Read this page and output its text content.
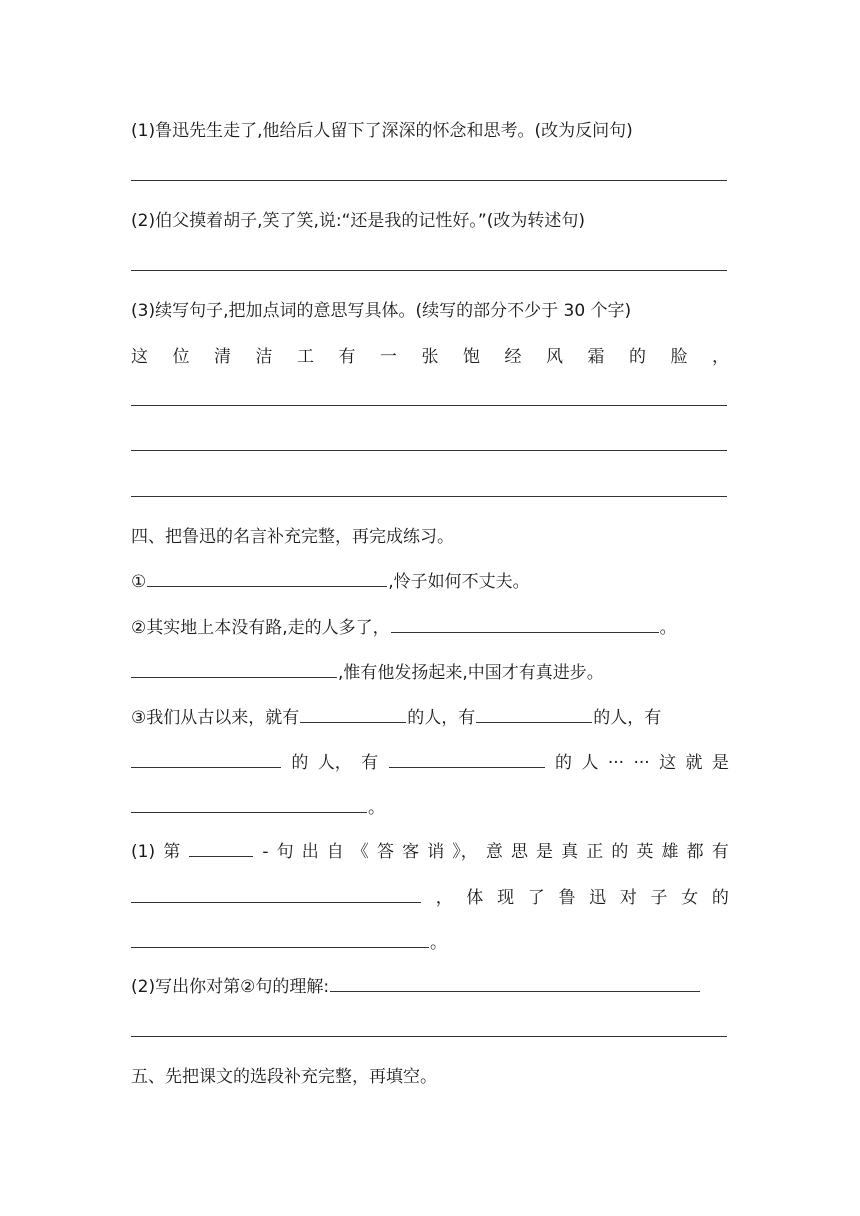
(1)鲁迅先生走了,他给后人留下了深深的怀念和思考。(改为反问句)
(2)伯父摸着胡子,笑了笑,说:“还是我的记性好。”(改为转述句)
(3)续写句子,把加点词的意思写具体。(续写的部分不少于 30 个字)
这 位 清 洁 工 有 一 张 饱 经 风 霜 的 脸 ，
四、把鲁迅的名言补充完整，再完成练习。
①	,怜子如何不丈夫。
②其实地上本没有路,走的人多了，	。
,惟有他发扬起来,中国才有真进步。
③我们从古以来，就有	的人，有	的人，有
的 人， 有	的 人 ··· ··· 这 就 是
。
(1) 第	- 句 出 自 《 答 客 诮 》， 意 思 是 真 正 的 英 雄 都 有
， 体 现 了 鲁 迅 对 子 女 的
。
(2)写出你对第②句的理解:
五、先把课文的选段补充完整，再填空。
